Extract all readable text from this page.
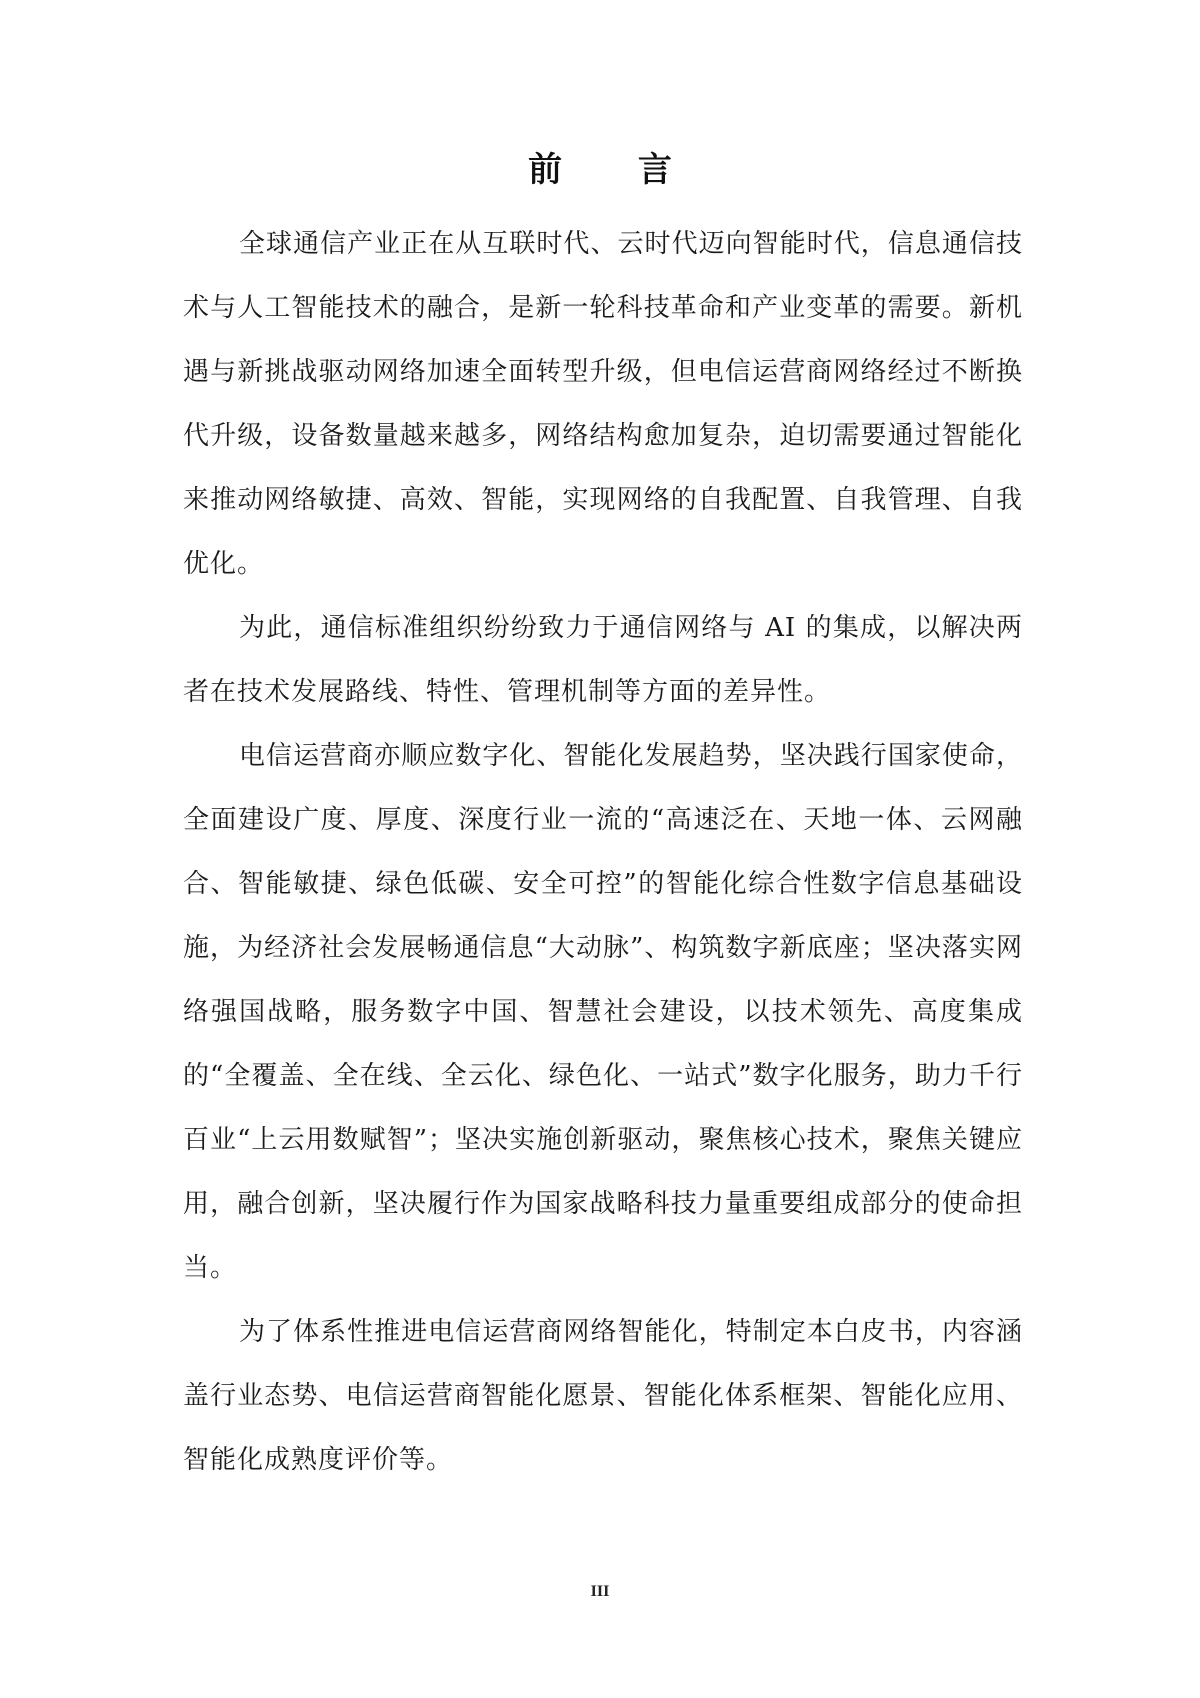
前 言

全球通信产业正在从互联时代、云时代迈向智能时代，信息通信技术与人工智能技术的融合，是新一轮科技革命和产业变革的需要。新机遇与新挑战驱动网络加速全面转型升级，但电信运营商网络经过不断换代升级，设备数量越来越多，网络结构愈加复杂，迫切需要通过智能化来推动网络敏捷、高效、智能，实现网络的自我配置、自我管理、自我优化。

为此，通信标准组织纷纷致力于通信网络与 AI 的集成，以解决两者在技术发展路线、特性、管理机制等方面的差异性。

电信运营商亦顺应数字化、智能化发展趋势，坚决践行国家使命，全面建设广度、厚度、深度行业一流的“高速泛在、天地一体、云网融合、智能敏捷、绿色低碳、安全可控”的智能化综合性数字信息基础设施，为经济社会发展畅通信息“大动脉”、构筑数字新底座；坚决落实网络强国战略，服务数字中国、智慧社会建设，以技术领先、高度集成的“全覆盖、全在线、全云化、绿色化、一站式”数字化服务，助力千行百业“上云用数赋智”；坚决实施创新驱动，聚焦核心技术，聚焦关键应用，融合创新，坚决履行作为国家战略科技力量重要组成部分的使命担当。

为了体系性推进电信运营商网络智能化，特制定本白皮书，内容涵盖行业态势、电信运营商智能化愿景、智能化体系框架、智能化应用、智能化成熟度评价等。

III
